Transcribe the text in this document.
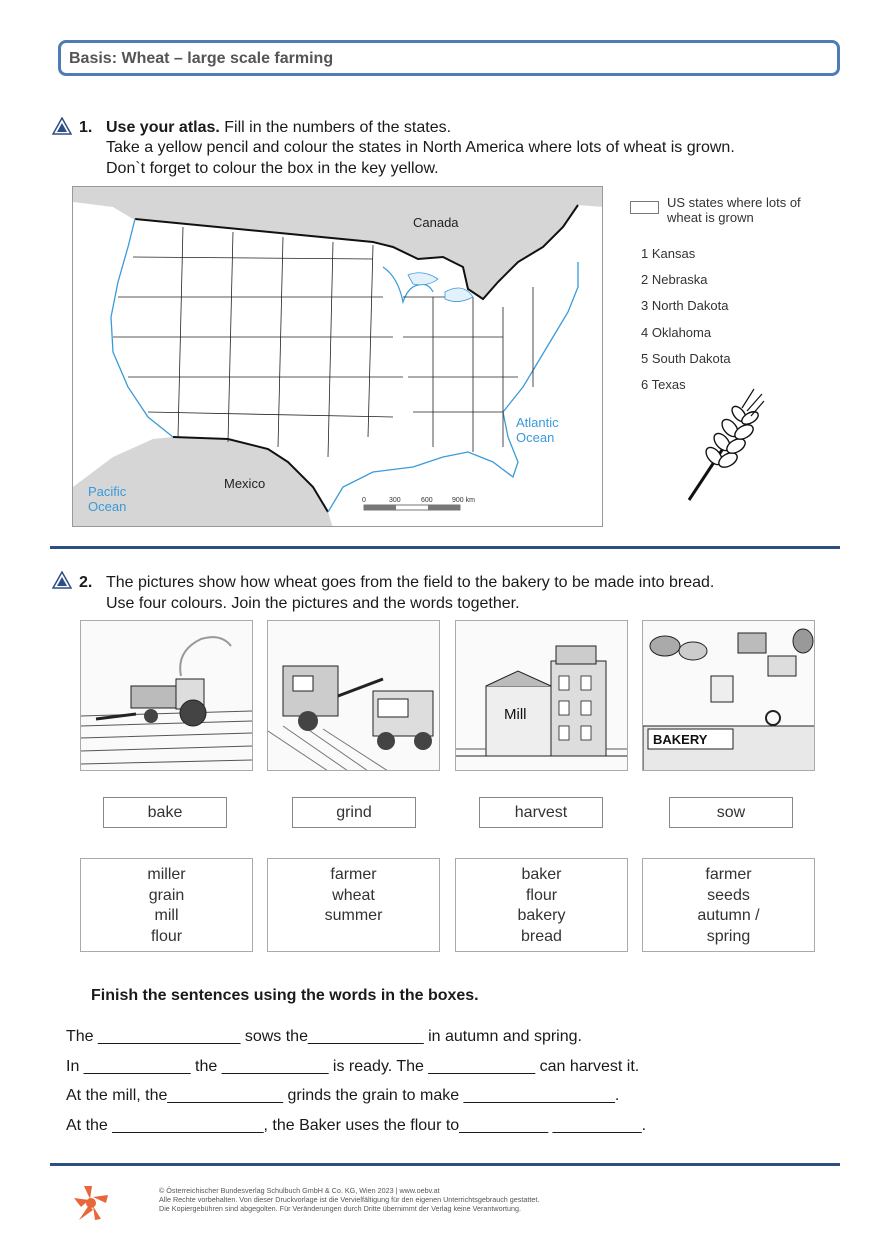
Basis: Wheat – large scale farming
1. Use your atlas. Fill in the numbers of the states.
Take a yellow pencil and colour the states in North America where lots of wheat is grown.
Don`t forget to colour the box in the key yellow.
Canada
Mexico
Pacific
Ocean
Atlantic
Ocean
0	300	600	900 km
US states where lots of
wheat is grown
1 Kansas
2 Nebraska
3 North Dakota
4 Oklahoma
5 South Dakota
6 Texas
2. The pictures show how wheat goes from the field to the bakery to be made into bread.
Use four colours. Join the pictures and the words together.
Mill
BAKERY
bake	grind	harvest	sow
miller
grain
mill
flour
farmer
wheat
summer
baker
flour
bakery
bread
farmer
seeds
autumn /
spring
Finish the sentences using the words in the boxes.
The ________________ sows the_____________ in autumn and spring.
In ____________ the ____________ is ready. The ____________ can harvest it.
At the mill, the_____________ grinds the grain to make _________________.
At the _________________, the Baker uses the flour to__________ __________.
© Österreichischer Bundesverlag Schulbuch GmbH & Co. KG, Wien 2023 | www.oebv.at
Alle Rechte vorbehalten. Von dieser Druckvorlage ist die Vervielfältigung für den eigenen Unterrichtsgebrauch gestattet.
Die Kopiergebühren sind abgegolten. Für Veränderungen durch Dritte übernimmt der Verlag keine Verantwortung.
